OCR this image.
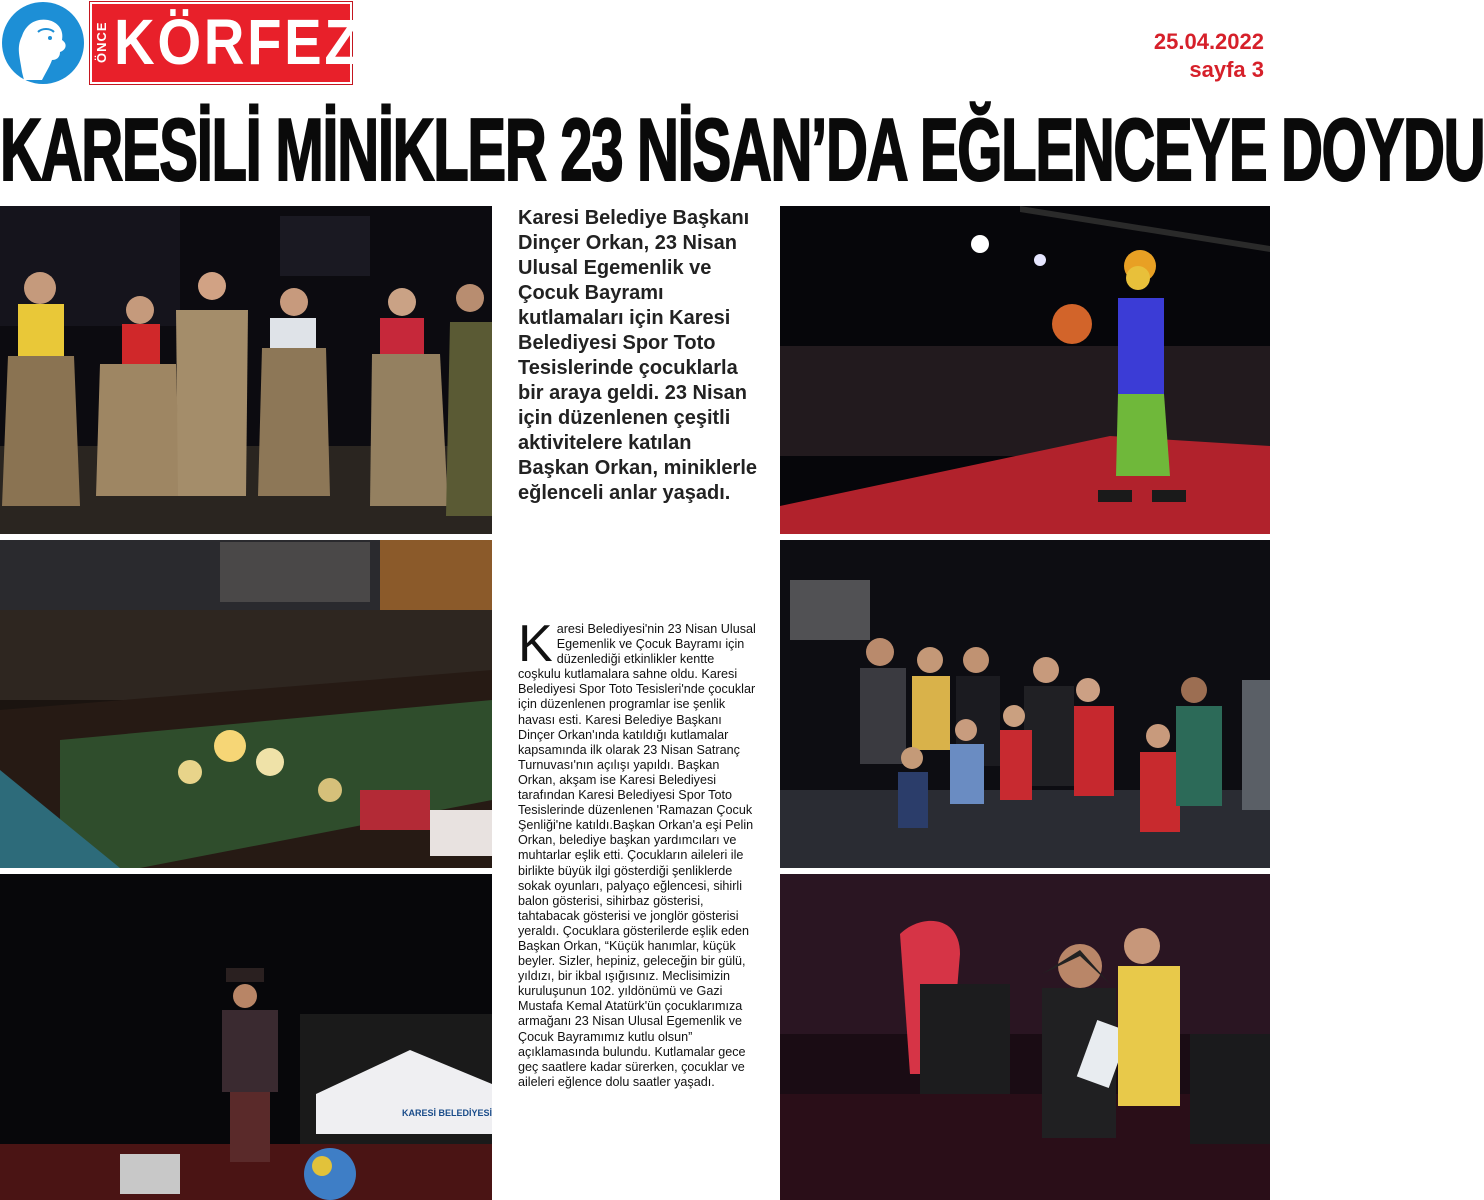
ÖNCE KÖRFEZ	25.04.2022
sayfa 3
KARESİLİ MİNİKLER 23 NİSAN’DA EĞLENCEYE DOYDU
KARESİ BELEDİYESİ
Karesi Belediye Başkanı Dinçer Orkan, 23 Nisan Ulusal Egemenlik ve Çocuk Bayramı kutlamaları için Karesi Belediyesi Spor Toto Tesislerinde çocuklarla bir araya geldi. 23 Nisan için düzenlenen çeşitli aktivitelere katılan Başkan Orkan, miniklerle eğlenceli anlar yaşadı.
Karesi Belediyesi'nin 23 Nisan Ulusal Egemenlik ve Çocuk Bayramı için düzenlediği etkinlikler kentte coşkulu kutlamalara sahne oldu. Karesi Belediyesi Spor Toto Tesisleri'nde çocuklar için düzenlenen programlar ise şenlik havası esti. Karesi Belediye Başkanı Dinçer Orkan'ında katıldığı kutlamalar kapsamında ilk olarak 23 Nisan Satranç Turnuvası'nın açılışı yapıldı. Başkan Orkan, akşam ise Karesi Belediyesi tarafından Karesi Belediyesi Spor Toto Tesislerinde düzenlenen 'Ramazan Çocuk Şenliği'ne katıldı.Başkan Orkan'a eşi Pelin Orkan, belediye başkan yardımcıları ve muhtarlar eşlik etti. Çocukların aileleri ile birlikte büyük ilgi gösterdiği şenliklerde sokak oyunları, palyaço eğlencesi, sihirli balon gösterisi, sihirbaz gösterisi, tahtabacak gösterisi ve jonglör gösterisi yeraldı. Çocuklara gösterilerde eşlik eden Başkan Orkan, “Küçük hanımlar, küçük beyler. Sizler, hepiniz, geleceğin bir gülü, yıldızı, bir ikbal ışığısınız. Meclisimizin kuruluşunun 102. yıldönümü ve Gazi Mustafa Kemal Atatürk'ün çocuklarımıza armağanı 23 Nisan Ulusal Egemenlik ve Çocuk Bayramımız kutlu olsun” açıklamasında bulundu. Kutlamalar gece geç saatlere kadar sürerken, çocuklar ve aileleri eğlence dolu saatler yaşadı.
